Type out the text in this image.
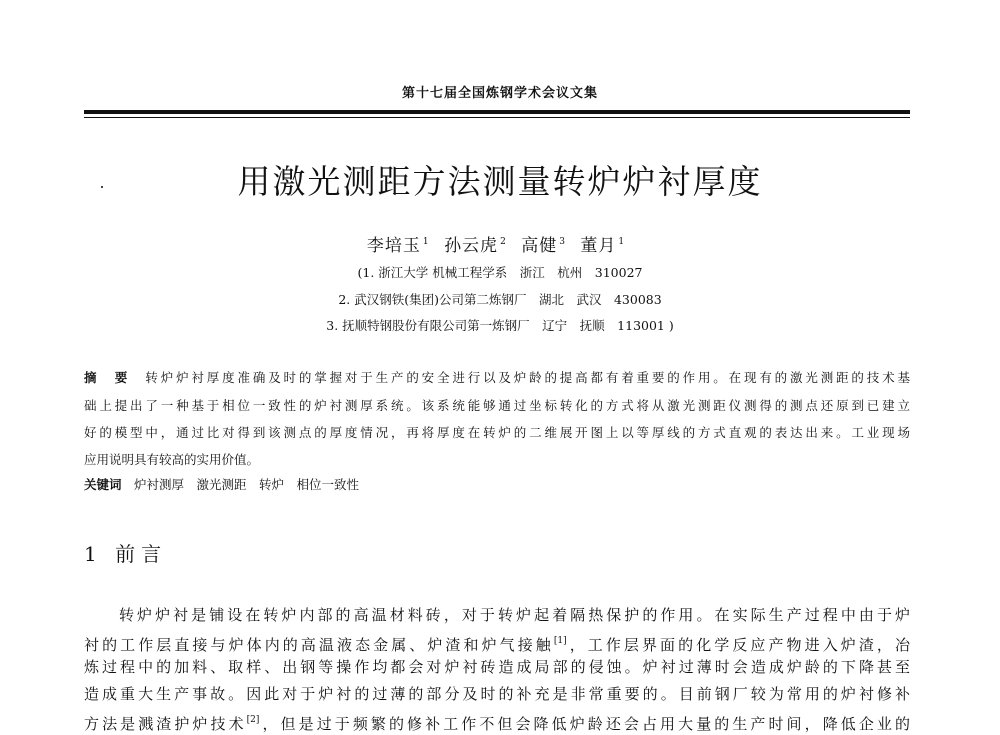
第十七届全国炼钢学术会议文集
用激光测距方法测量转炉炉衬厚度
李培玉 $^1$ 孙云虎 $^2$ 高健 $^3$ 董月 $^1$
(1. 浙江大学 机械工程学系　浙江　杭州　310027
2. 武汉钢铁(集团)公司第二炼钢厂　湖北　武汉　430083
3. 抚顺特钢股份有限公司第一炼钢厂　辽宁　抚顺　113001 )
摘　要　 转炉炉衬厚度准确及时的掌握对于生产的安全进行以及炉龄的提高都有着重要的作用。在现有的激光测距的技术基
础上提出了一种基于相位一致性的炉衬测厚系统。该系统能够通过坐标转化的方式将从激光测距仪测得的测点还原到已建立
好的模型中，通过比对得到该测点的厚度情况，再将厚度在转炉的二维展开图上以等厚线的方式直观的表达出来。工业现场
应用说明具有较高的实用价值。
关键词　 炉衬测厚　激光测距　转炉　相位一致性
1 前言
转炉炉衬是铺设在转炉内部的高温材料砖，对于转炉起着隔热保护的作用。在实际生产过程中由于炉
衬的工作层直接与炉体内的高温液态金属、炉渣和炉气接触[1]，工作层界面的化学反应产物进入炉渣，冶
炼过程中的加料、取样、出钢等操作均都会对炉衬砖造成局部的侵蚀。炉衬过薄时会造成炉龄的下降甚至
造成重大生产事故。因此对于炉衬的过薄的部分及时的补充是非常重要的。目前钢厂较为常用的炉衬修补
方法是溅渣护炉技术[2]，但是过于频繁的修补工作不但会降低炉龄还会占用大量的生产时间，降低企业的
